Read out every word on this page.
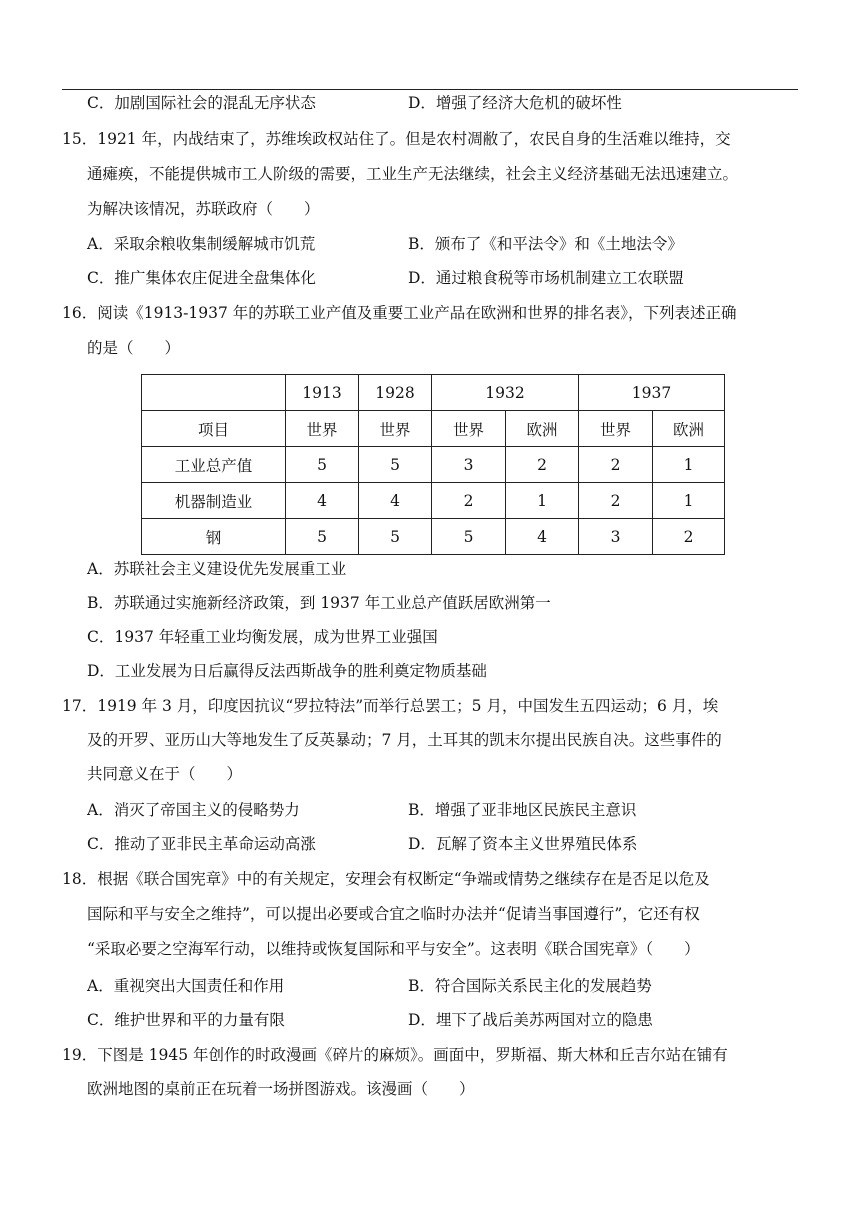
C．加剧国际社会的混乱无序状态	D．增强了经济大危机的破坏性
15．1921 年，内战结束了，苏维埃政权站住了。但是农村凋敝了，农民自身的生活难以维持，交
通瘫痪，不能提供城市工人阶级的需要，工业生产无法继续，社会主义经济基础无法迅速建立。
为解决该情况，苏联政府（　　）
A．采取余粮收集制缓解城市饥荒	B．颁布了《和平法令》和《土地法令》
C．推广集体农庄促进全盘集体化	D．通过粮食税等市场机制建立工农联盟
16．阅读《1913-1937 年的苏联工业产值及重要工业产品在欧洲和世界的排名表》，下列表述正确
的是（　　）
	1913	1928	1932		1937	
项目	世界	世界	世界	欧洲	世界	欧洲
工业总产值	5	5	3	2	2	1
机器制造业	4	4	2	1	2	1
钢	5	5	5	4	3	2
A．苏联社会主义建设优先发展重工业
B．苏联通过实施新经济政策，到 1937 年工业总产值跃居欧洲第一
C．1937 年轻重工业均衡发展，成为世界工业强国
D．工业发展为日后赢得反法西斯战争的胜利奠定物质基础
17．1919 年 3 月，印度因抗议“罗拉特法”而举行总罢工；5 月，中国发生五四运动；6 月，埃
及的开罗、亚历山大等地发生了反英暴动；7 月，土耳其的凯末尔提出民族自决。这些事件的
共同意义在于（　　）
A．消灭了帝国主义的侵略势力	B．增强了亚非地区民族民主意识
C．推动了亚非民主革命运动高涨	D．瓦解了资本主义世界殖民体系
18．根据《联合国宪章》中的有关规定，安理会有权断定“争端或情势之继续存在是否足以危及
国际和平与安全之维持”，可以提出必要或合宜之临时办法并“促请当事国遵行”，它还有权
“采取必要之空海军行动，以维持或恢复国际和平与安全”。这表明《联合国宪章》（　　）
A．重视突出大国责任和作用	B．符合国际关系民主化的发展趋势
C．维护世界和平的力量有限	D．埋下了战后美苏两国对立的隐患
19．下图是 1945 年创作的时政漫画《碎片的麻烦》。画面中，罗斯福、斯大林和丘吉尔站在铺有
欧洲地图的桌前正在玩着一场拼图游戏。该漫画（　　）
